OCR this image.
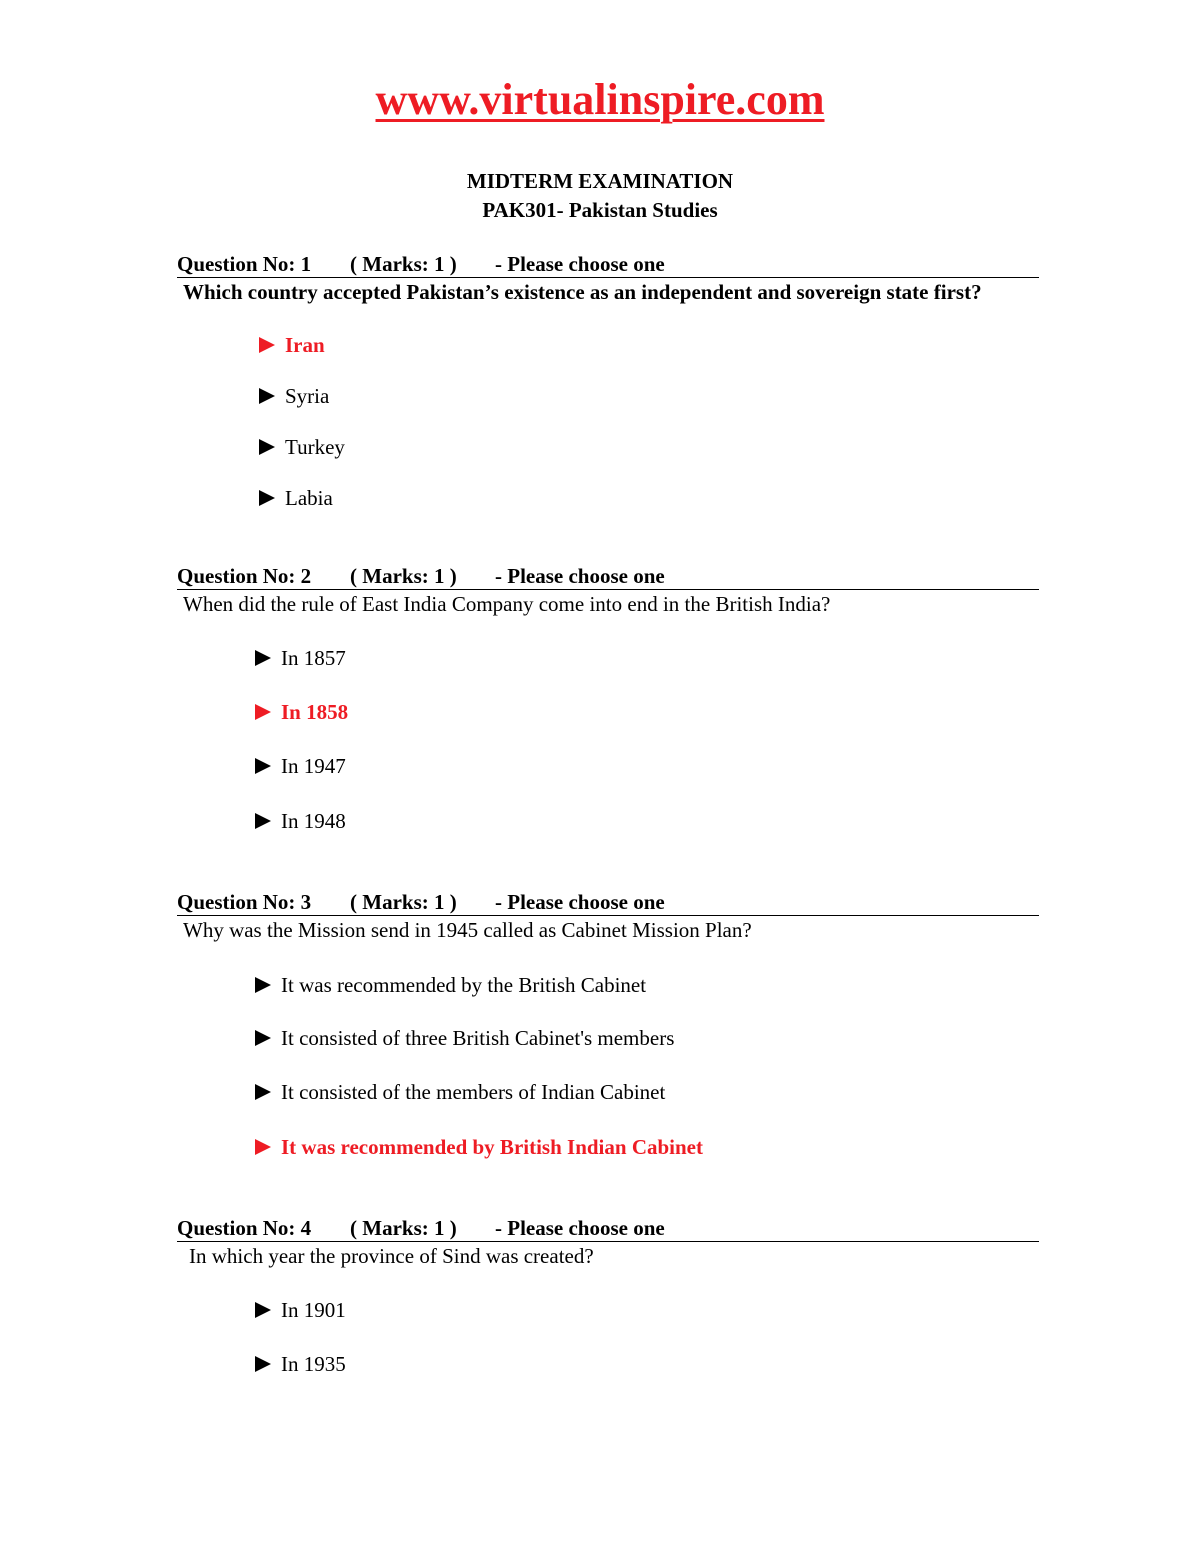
www.virtualinspire.com
MIDTERM EXAMINATION
PAK301- Pakistan Studies
Question No: 1	( Marks: 1 )	- Please choose one
Which country accepted Pakistan’s existence as an independent and sovereign state first?
Iran
Syria
Turkey
Labia
Question No: 2	( Marks: 1 )	- Please choose one
When did the rule of East India Company come into end in the British India?
In 1857
In 1858
In 1947
In 1948
Question No: 3	( Marks: 1 )	- Please choose one
Why was the Mission send in 1945 called as Cabinet Mission Plan?
It was recommended by the British Cabinet
It consisted of three British Cabinet's members
It consisted of the members of Indian Cabinet
It was recommended by British Indian Cabinet
Question No: 4	( Marks: 1 )	- Please choose one
In which year the province of Sind was created?
In 1901
In 1935
